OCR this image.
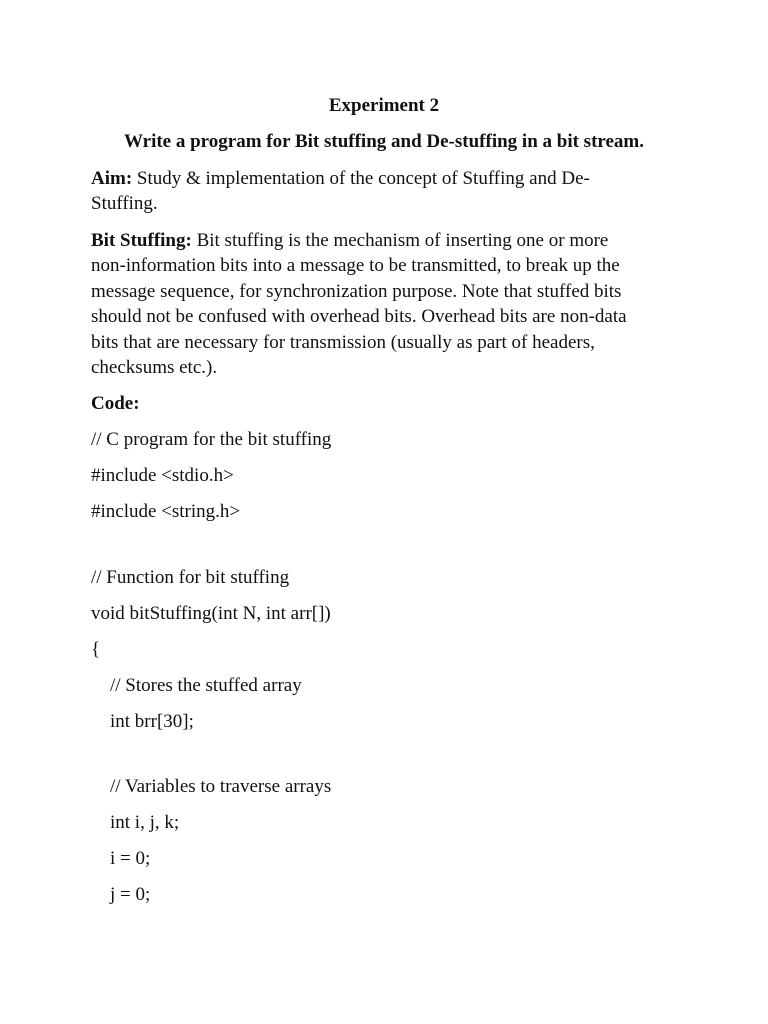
Experiment 2
Write a program for Bit stuffing and De-stuffing in a bit stream.
Aim: Study & implementation of the concept of Stuffing and De-
Stuffing.
Bit Stuffing: Bit stuffing is the mechanism of inserting one or more
non-information bits into a message to be transmitted, to break up the
message sequence, for synchronization purpose. Note that stuffed bits
should not be confused with overhead bits. Overhead bits are non-data
bits that are necessary for transmission (usually as part of headers,
checksums etc.).
Code:
// C program for the bit stuffing
#include <stdio.h>
#include <string.h>
// Function for bit stuffing
void bitStuffing(int N, int arr[])
{
// Stores the stuffed array
int brr[30];
// Variables to traverse arrays
int i, j, k;
i = 0;
j = 0;
